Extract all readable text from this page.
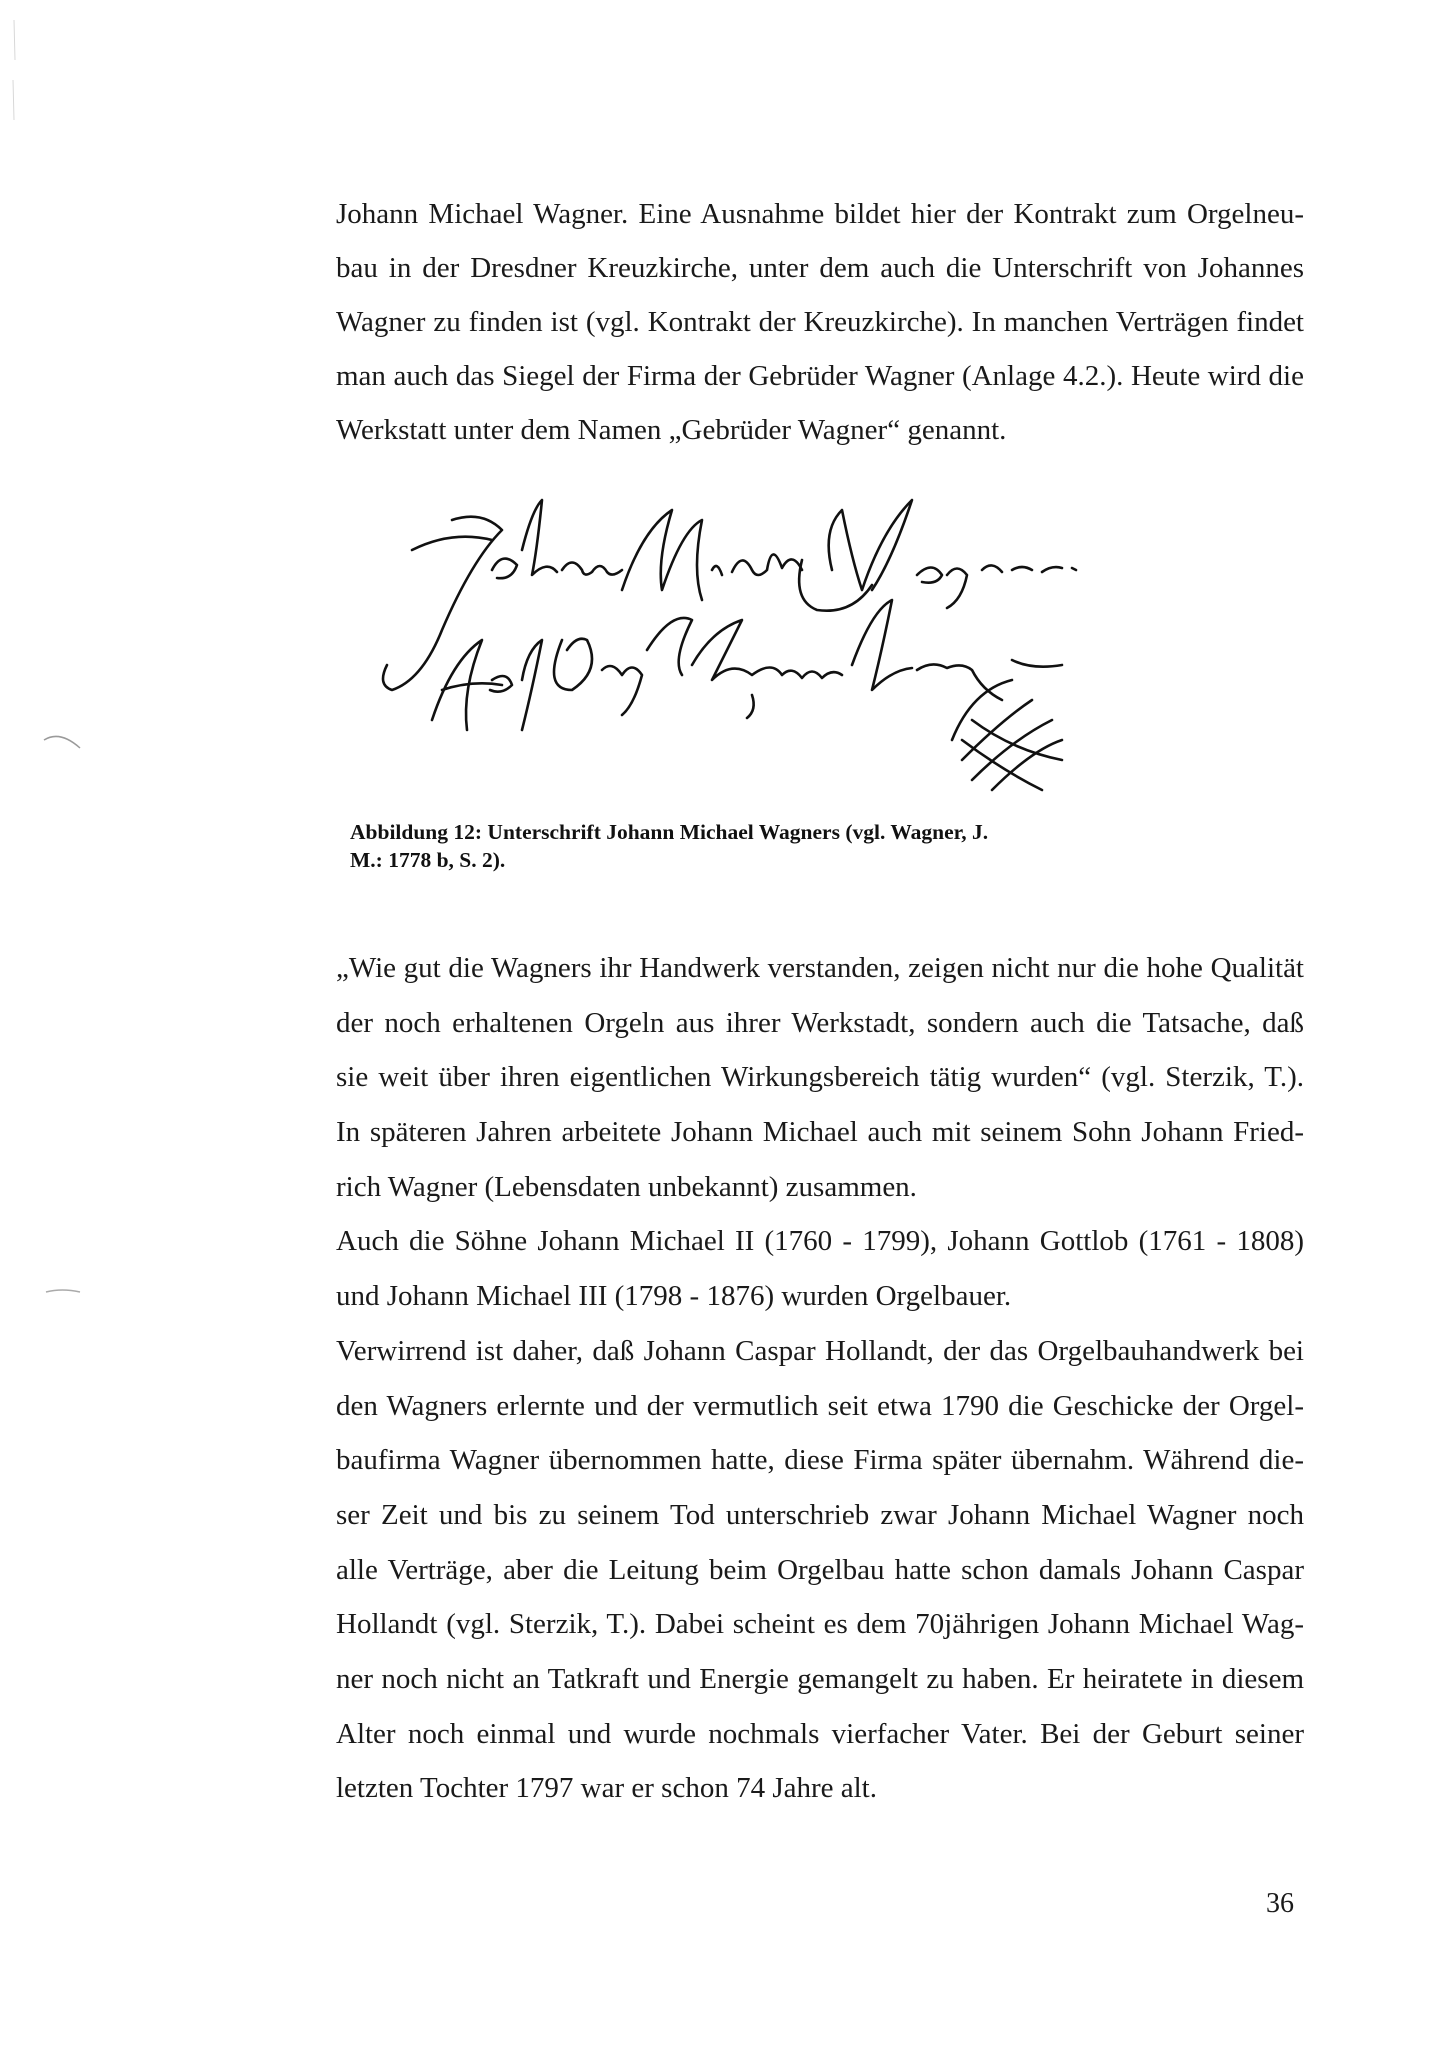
Johann Michael Wagner. Eine Ausnahme bildet hier der Kontrakt zum Orgelneu-
bau in der Dresdner Kreuzkirche, unter dem auch die Unterschrift von Johannes
Wagner zu finden ist (vgl. Kontrakt der Kreuzkirche). In manchen Verträgen findet
man auch das Siegel der Firma der Gebrüder Wagner (Anlage 4.2.). Heute wird die
Werkstatt unter dem Namen „Gebrüder Wagner“ genannt.
Abbildung 12: Unterschrift Johann Michael Wagners (vgl. Wagner, J.
M.: 1778 b, S. 2).
„Wie gut die Wagners ihr Handwerk verstanden, zeigen nicht nur die hohe Qualität
der noch erhaltenen Orgeln aus ihrer Werkstadt, sondern auch die Tatsache, daß
sie weit über ihren eigentlichen Wirkungsbereich tätig wurden“ (vgl. Sterzik, T.).
In späteren Jahren arbeitete Johann Michael auch mit seinem Sohn Johann Fried-
rich Wagner (Lebensdaten unbekannt) zusammen.
Auch die Söhne Johann Michael II (1760 - 1799), Johann Gottlob (1761 - 1808)
und Johann Michael III (1798 - 1876) wurden Orgelbauer.
Verwirrend ist daher, daß Johann Caspar Hollandt, der das Orgelbauhandwerk bei
den Wagners erlernte und der vermutlich seit etwa 1790 die Geschicke der Orgel-
baufirma Wagner übernommen hatte, diese Firma später übernahm. Während die-
ser Zeit und bis zu seinem Tod unterschrieb zwar Johann Michael Wagner noch
alle Verträge, aber die Leitung beim Orgelbau hatte schon damals Johann Caspar
Hollandt (vgl. Sterzik, T.). Dabei scheint es dem 70jährigen Johann Michael Wag-
ner noch nicht an Tatkraft und Energie gemangelt zu haben. Er heiratete in diesem
Alter noch einmal und wurde nochmals vierfacher Vater. Bei der Geburt seiner
letzten Tochter 1797 war er schon 74 Jahre alt.
36
